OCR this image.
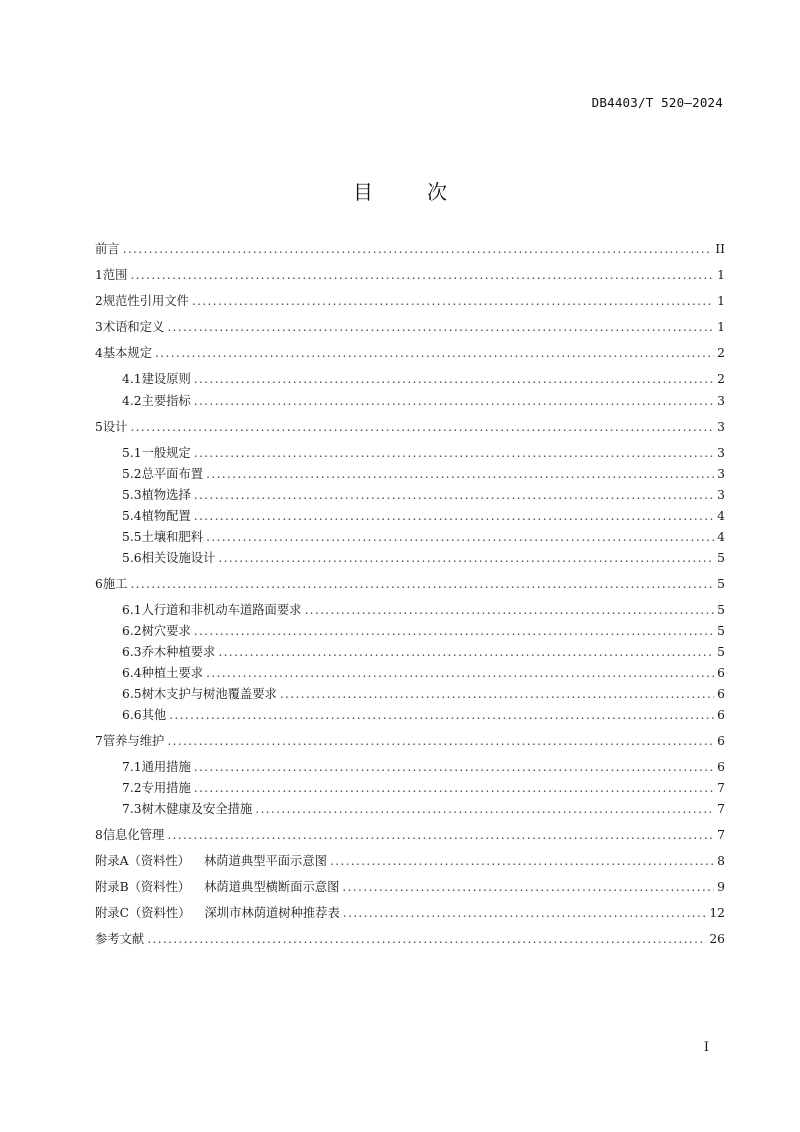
DB4403/T 520—2024
目	次
前言 .....	II
1 范围 .....	1
2 规范性引用文件 .....	1
3 术语和定义 .....	1
4 基本规定 .....	2
4.1 建设原则 .....	2
4.2 主要指标 .....	3
5 设计 .....	3
5.1 一般规定 .....	3
5.2 总平面布置 .....	3
5.3 植物选择 .....	3
5.4 植物配置 .....	4
5.5 土壤和肥料 .....	4
5.6 相关设施设计 .....	5
6 施工 .....	5
6.1 人行道和非机动车道路面要求 .....	5
6.2 树穴要求 .....	5
6.3 乔木种植要求 .....	5
6.4 种植土要求 .....	6
6.5 树木支护与树池覆盖要求 .....	6
6.6 其他 .....	6
7 管养与维护 .....	6
7.1 通用措施 .....	6
7.2 专用措施 .....	7
7.3 树木健康及安全措施 .....	7
8 信息化管理 .....	7
附录A（资料性） 林荫道典型平面示意图 .....	8
附录B（资料性） 林荫道典型横断面示意图 .....	9
附录C（资料性） 深圳市林荫道树种推荐表 .....	12
参考文献 .....	26
I
